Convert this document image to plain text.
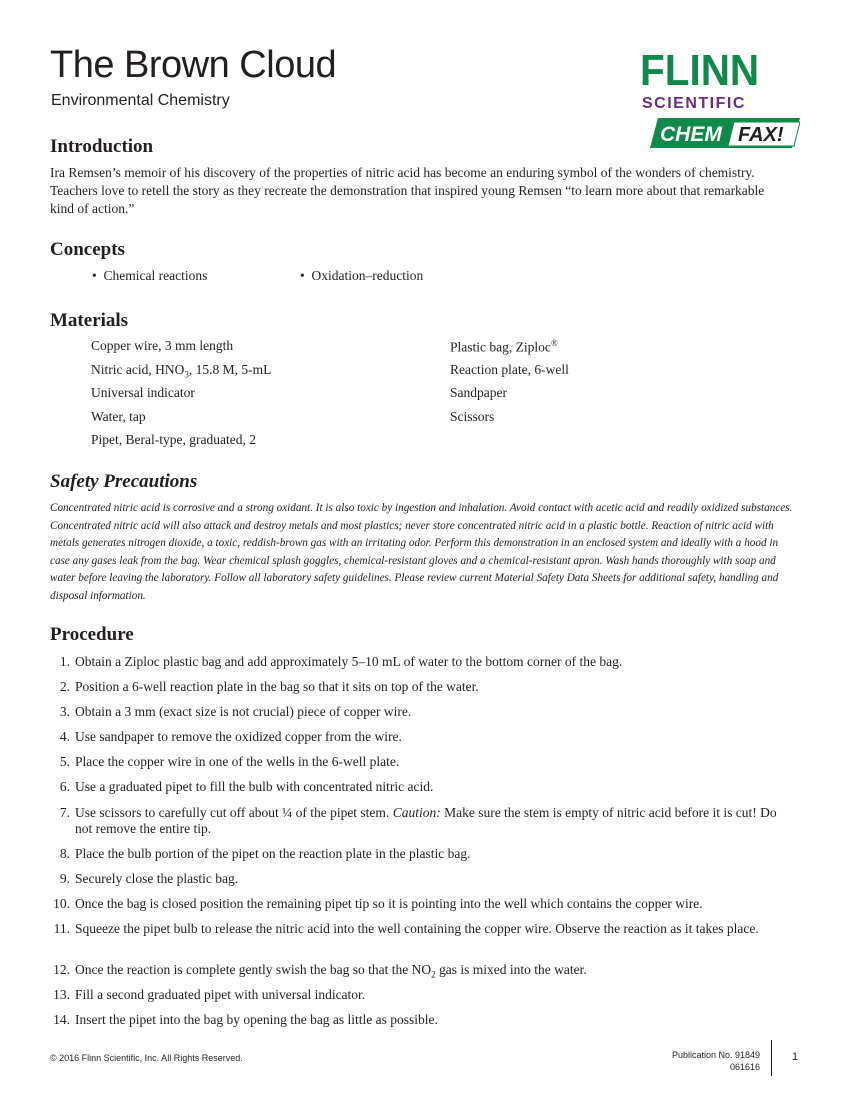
The Brown Cloud
Environmental Chemistry
FLINN
SCIENTIFIC
CHEM FAX!
Introduction

Ira Remsen’s memoir of his discovery of the properties of nitric acid has become an enduring symbol of the wonders of chemistry. Teachers love to retell the story as they recreate the demonstration that inspired young Remsen “to learn more about that remarkable kind of action.”

Concepts
•  Chemical reactions	•  Oxidation–reduction
Materials
Copper wire, 3 mm length
Nitric acid, $HNO_3$, 15.8 M, 5-mL
Universal indicator
Water, tap
Pipet, Beral-type, graduated, 2
Plastic bag, Ziploc®
Reaction plate, 6-well
Sandpaper
Scissors
Safety Precautions

Concentrated nitric acid is corrosive and a strong oxidant. It is also toxic by ingestion and inhalation. Avoid contact with acetic acid and readily oxidized substances. Concentrated nitric acid will also attack and destroy metals and most plastics; never store concentrated nitric acid in a plastic bottle. Reaction of nitric acid with metals generates nitrogen dioxide, a toxic, reddish-brown gas with an irritating odor. Perform this demonstration in an enclosed system and ideally with a hood in case any gases leak from the bag. Wear chemical splash goggles, chemical-resistant gloves and a chemical-resistant apron. Wash hands thoroughly with soap and water before leaving the laboratory. Follow all laboratory safety guidelines. Please review current Material Safety Data Sheets for additional safety, handling and disposal information.

Procedure
1. Obtain a Ziploc plastic bag and add approximately 5–10 mL of water to the bottom corner of the bag.
2. Position a 6-well reaction plate in the bag so that it sits on top of the water.
3. Obtain a 3 mm (exact size is not crucial) piece of copper wire.
4. Use sandpaper to remove the oxidized copper from the wire.
5. Place the copper wire in one of the wells in the 6-well plate.
6. Use a graduated pipet to fill the bulb with concentrated nitric acid.
7. Use scissors to carefully cut off about ¼ of the pipet stem. Caution: Make sure the stem is empty of nitric acid before it is cut! Do not remove the entire tip.
8. Place the bulb portion of the pipet on the reaction plate in the plastic bag.
9. Securely close the plastic bag.
10. Once the bag is closed position the remaining pipet tip so it is pointing into the well which contains the copper wire.
11. Squeeze the pipet bulb to release the nitric acid into the well containing the copper wire. Observe the reaction as it takes place.
12. Once the reaction is complete gently swish the bag so that the $NO_2$ gas is mixed into the water.
13. Fill a second graduated pipet with universal indicator.
14. Insert the pipet into the bag by opening the bag as little as possible.
© 2016 Flinn Scientific, Inc. All Rights Reserved.	Publication No. 91849
061616
1
